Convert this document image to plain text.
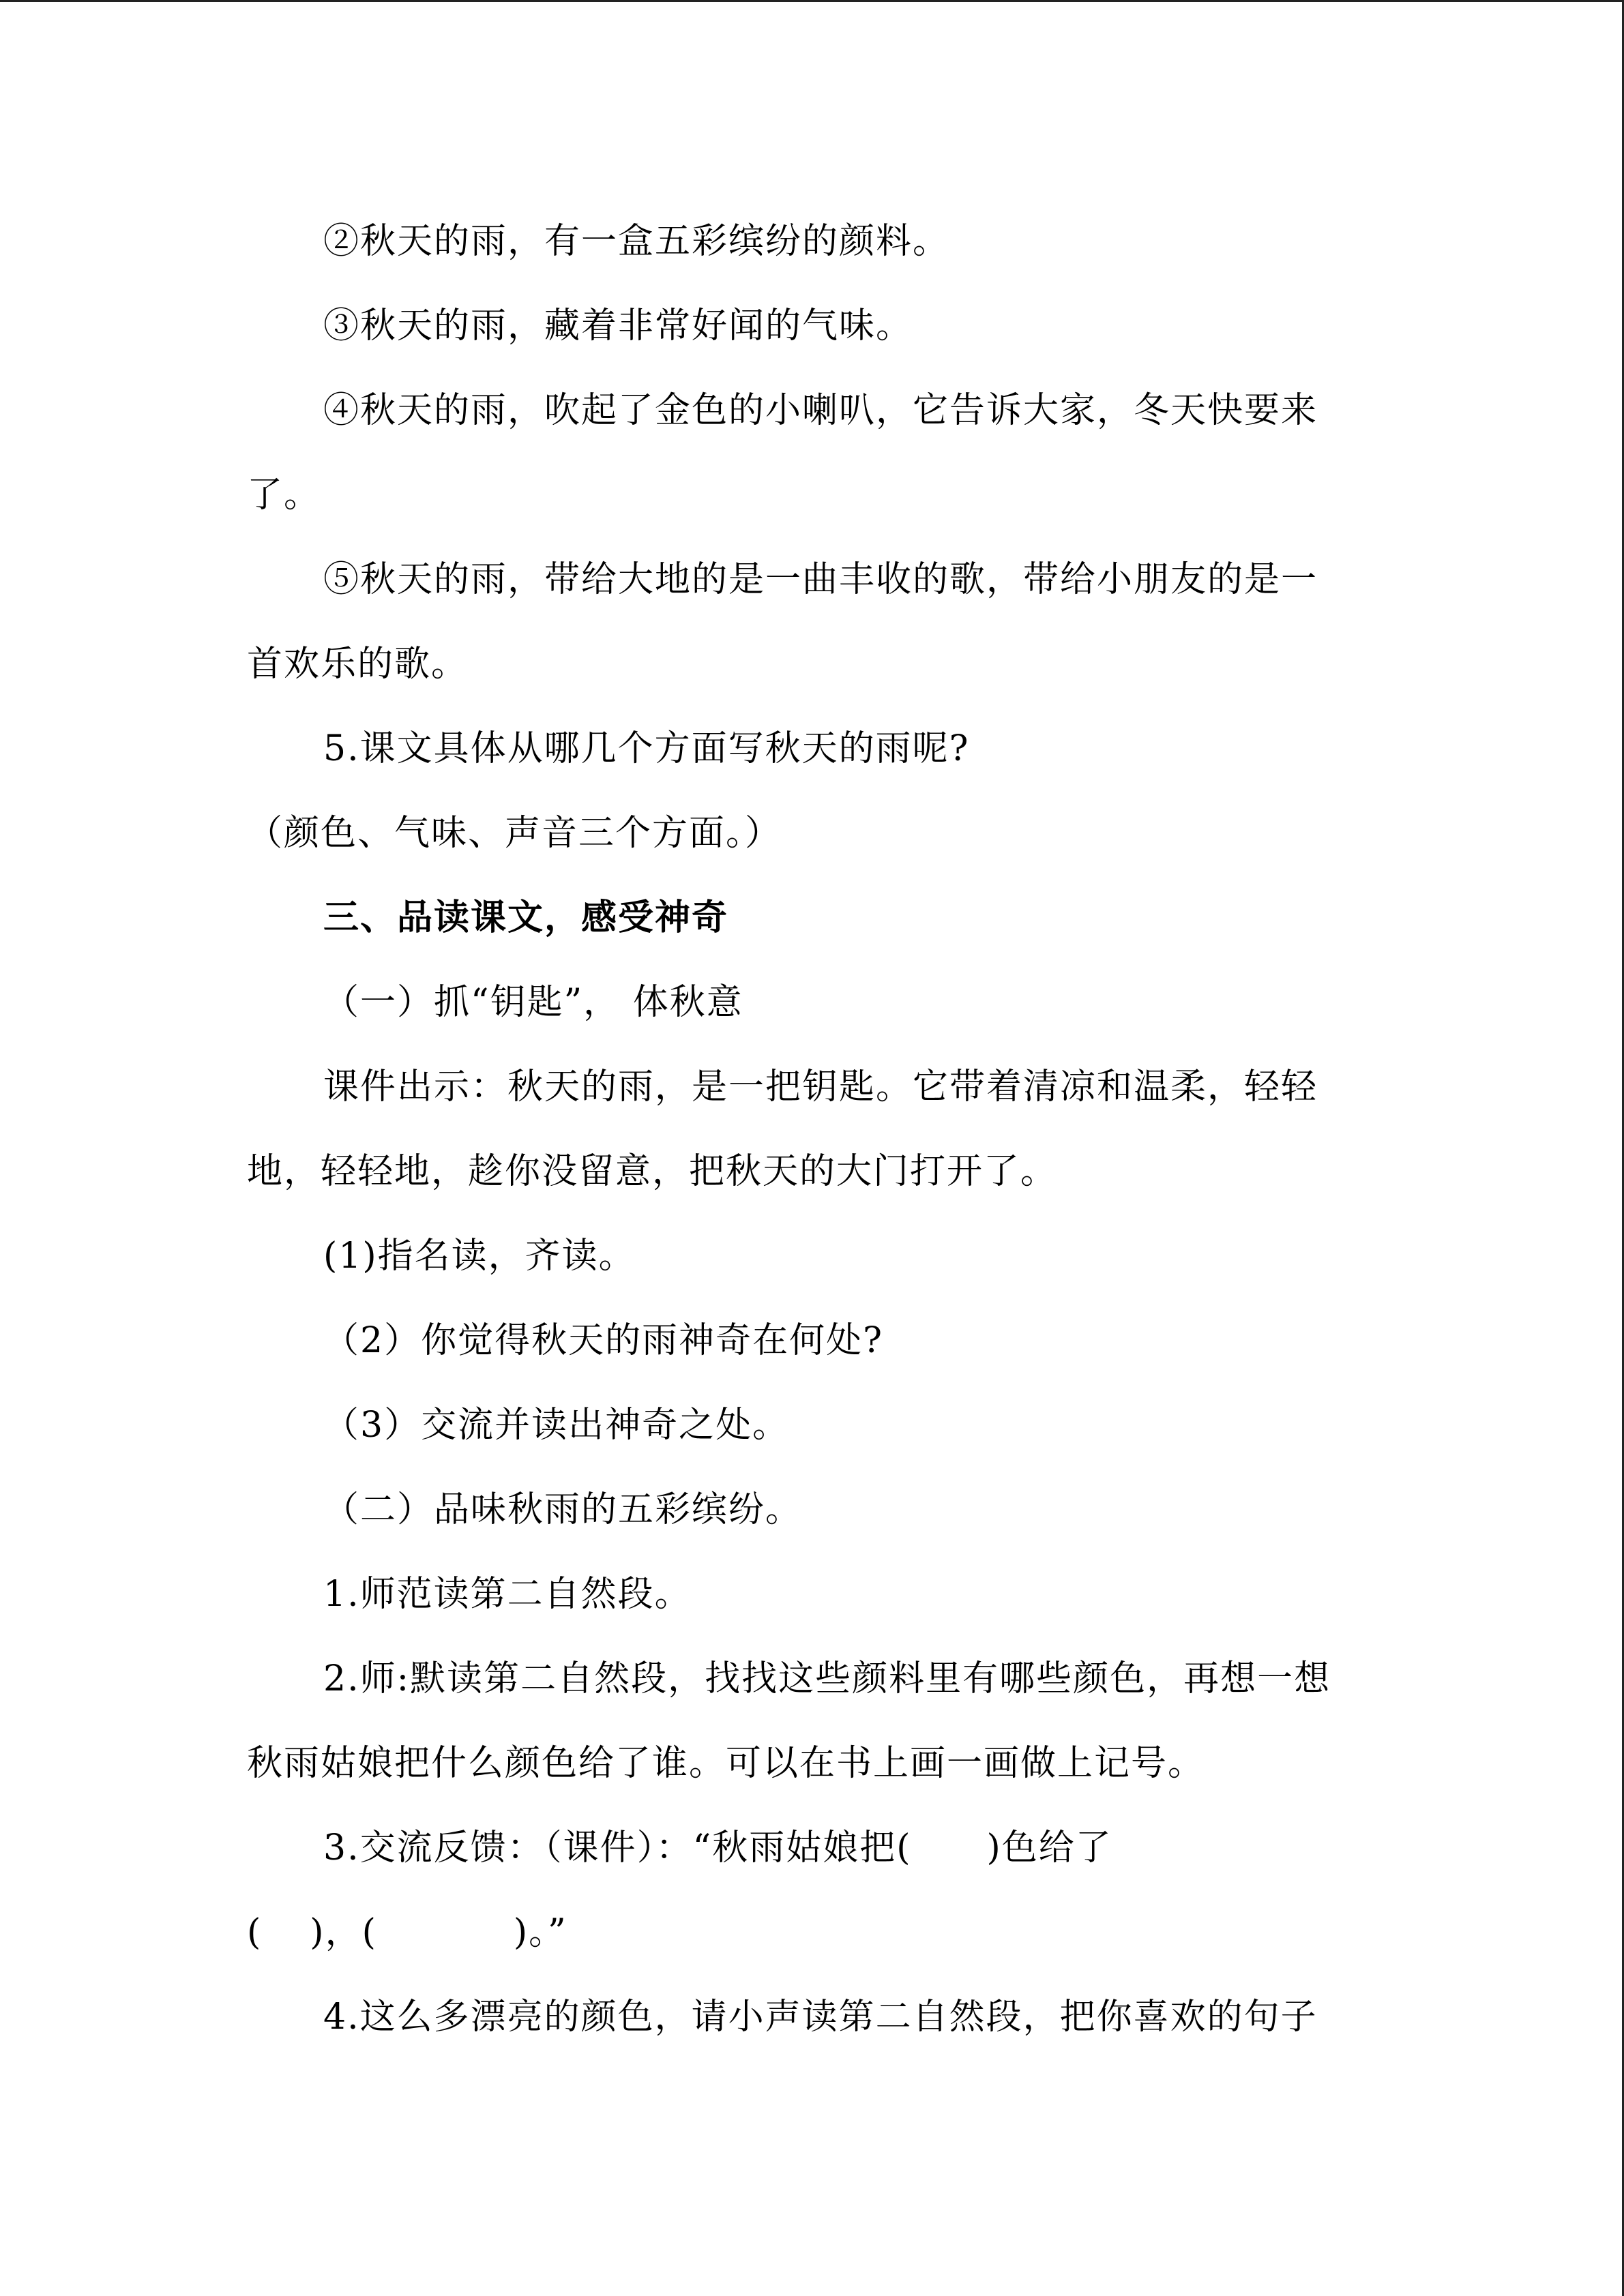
②秋天的雨，有一盒五彩缤纷的颜料。
③秋天的雨，藏着非常好闻的气味。
④秋天的雨，吹起了金色的小喇叭，它告诉大家，冬天快要来
了。
⑤秋天的雨，带给大地的是一曲丰收的歌，带给小朋友的是一
首欢乐的歌。
5.课文具体从哪几个方面写秋天的雨呢?
（颜色、气味、声音三个方面。）
三、品读课文，感受神奇
（一）抓“钥匙”， 体秋意
课件出示：秋天的雨，是一把钥匙。它带着清凉和温柔，轻轻
地，轻轻地，趁你没留意，把秋天的大门打开了。
(1)指名读，齐读。
（2）你觉得秋天的雨神奇在何处?
（3）交流并读出神奇之处。
（二）品味秋雨的五彩缤纷。
1.师范读第二自然段。
2.师:默读第二自然段，找找这些颜料里有哪些颜色，再想一想
秋雨姑娘把什么颜色给了谁。可以在书上画一画做上记号。
3.交流反馈：（课件）：“秋雨姑娘把( )色给了
( )，(	)。”
4.这么多漂亮的颜色，请小声读第二自然段，把你喜欢的句子
